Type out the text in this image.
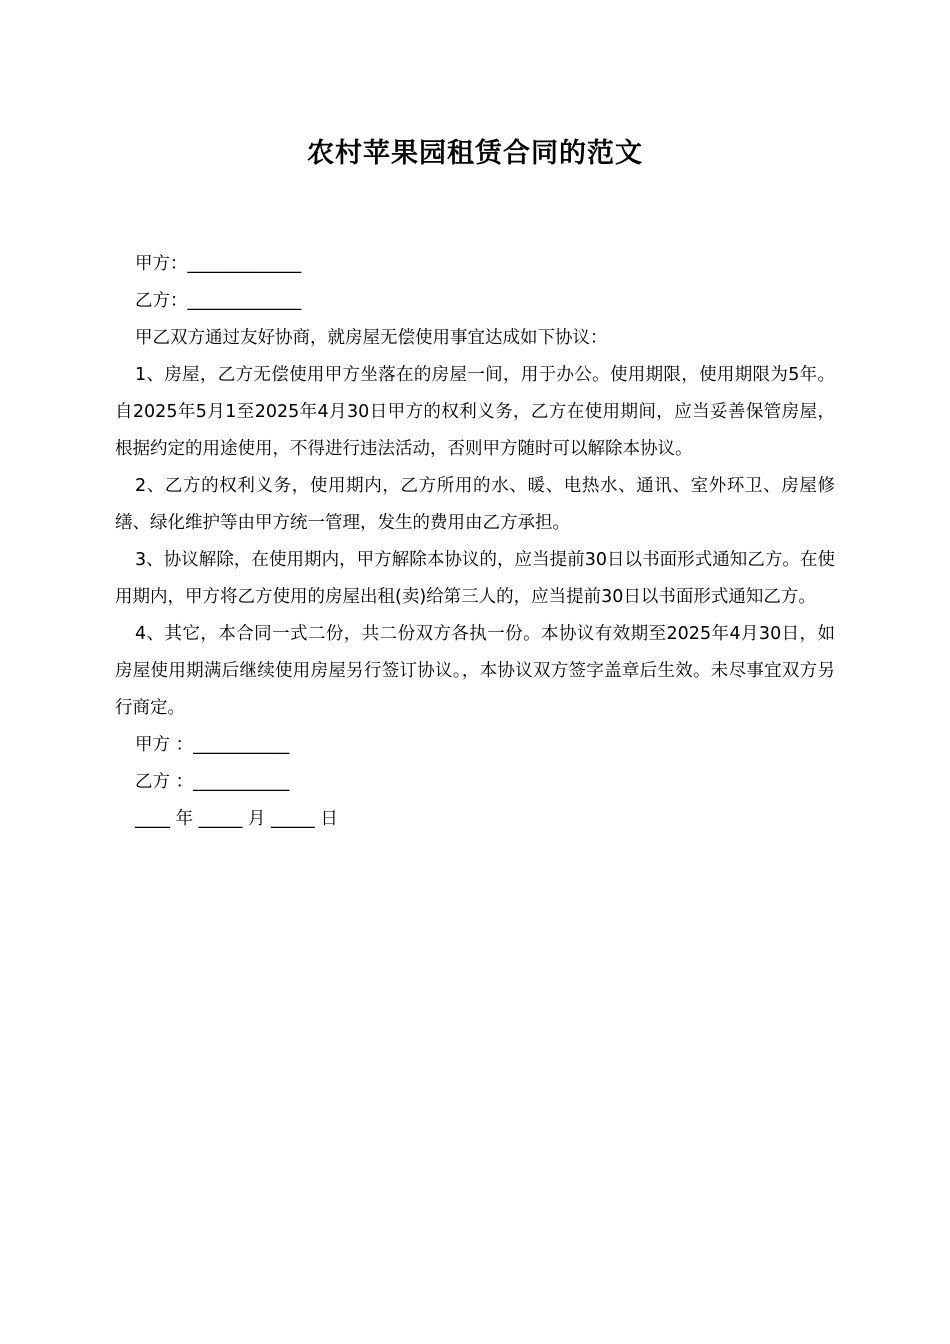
农村苹果园租赁合同的范文

甲方：_____________

乙方：_____________

甲乙双方通过友好协商，就房屋无偿使用事宜达成如下协议：

1、房屋，乙方无偿使用甲方坐落在的房屋一间，用于办公。使用期限，使用期限为5年。自2025年5月1至2025年4月30日甲方的权利义务，乙方在使用期间，应当妥善保管房屋，根据约定的用途使用，不得进行违法活动，否则甲方随时可以解除本协议。

2、乙方的权利义务，使用期内，乙方所用的水、暖、电热水、通讯、室外环卫、房屋修缮、绿化维护等由甲方统一管理，发生的费用由乙方承担。

3、协议解除，在使用期内，甲方解除本协议的，应当提前30日以书面形式通知乙方。在使用期内，甲方将乙方使用的房屋出租(卖)给第三人的，应当提前30日以书面形式通知乙方。

4、其它，本合同一式二份，共二份双方各执一份。本协议有效期至2025年4月30日，如房屋使用期满后继续使用房屋另行签订协议。，本协议双方签字盖章后生效。未尽事宜双方另行商定。

甲方 ：___________

乙方 ：___________

____ 年 _____ 月 _____ 日
